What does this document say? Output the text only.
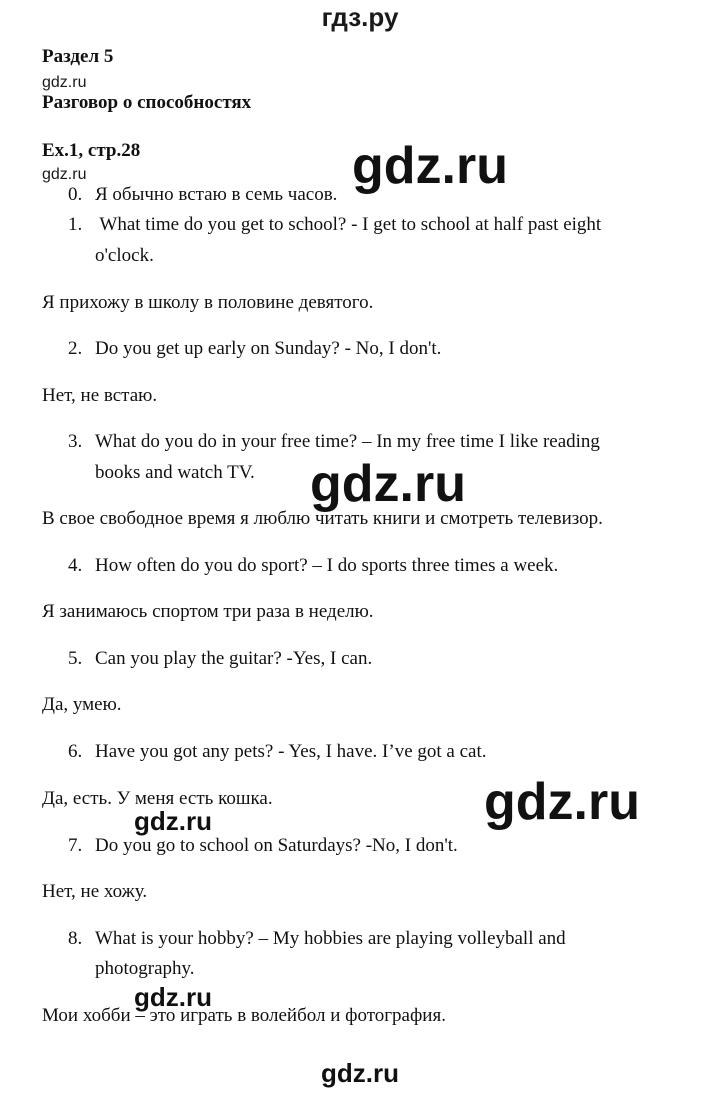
гдз.ру
Раздел 5
gdz.ru
Разговор о способностях
Ex.1, стр.28	gdz.ru
gdz.ru
0. Я обычно встаю в семь часов.
1. What time do you get to school? - I get to school at half past eight
o'clock.
Я прихожу в школу в половине девятого.
2. Do you get up early on Sunday? - No, I don't.
Нет, не встаю.
3. What do you do in your free time? – In my free time I like reading
books and watch TV. gdz.ru
В свое свободное время я люблю читать книги и смотреть телевизор.
4. How often do you do sport? – I do sports three times a week.
Я занимаюсь спортом три раза в неделю.
5. Can you play the guitar? -Yes, I can.
Да, умею.
6. Have you got any pets? - Yes, I have. I’ve got a cat.
Да, есть. У меня есть кошка.	gdz.ru
gdz.ru
7. Do you go to school on Saturdays? -No, I don't.
Нет, не хожу.
8. What is your hobby? – My hobbies are playing volleyball and
photography.
gdz.ru
Мои хобби – это играть в волейбол и фотография.
gdz.ru
